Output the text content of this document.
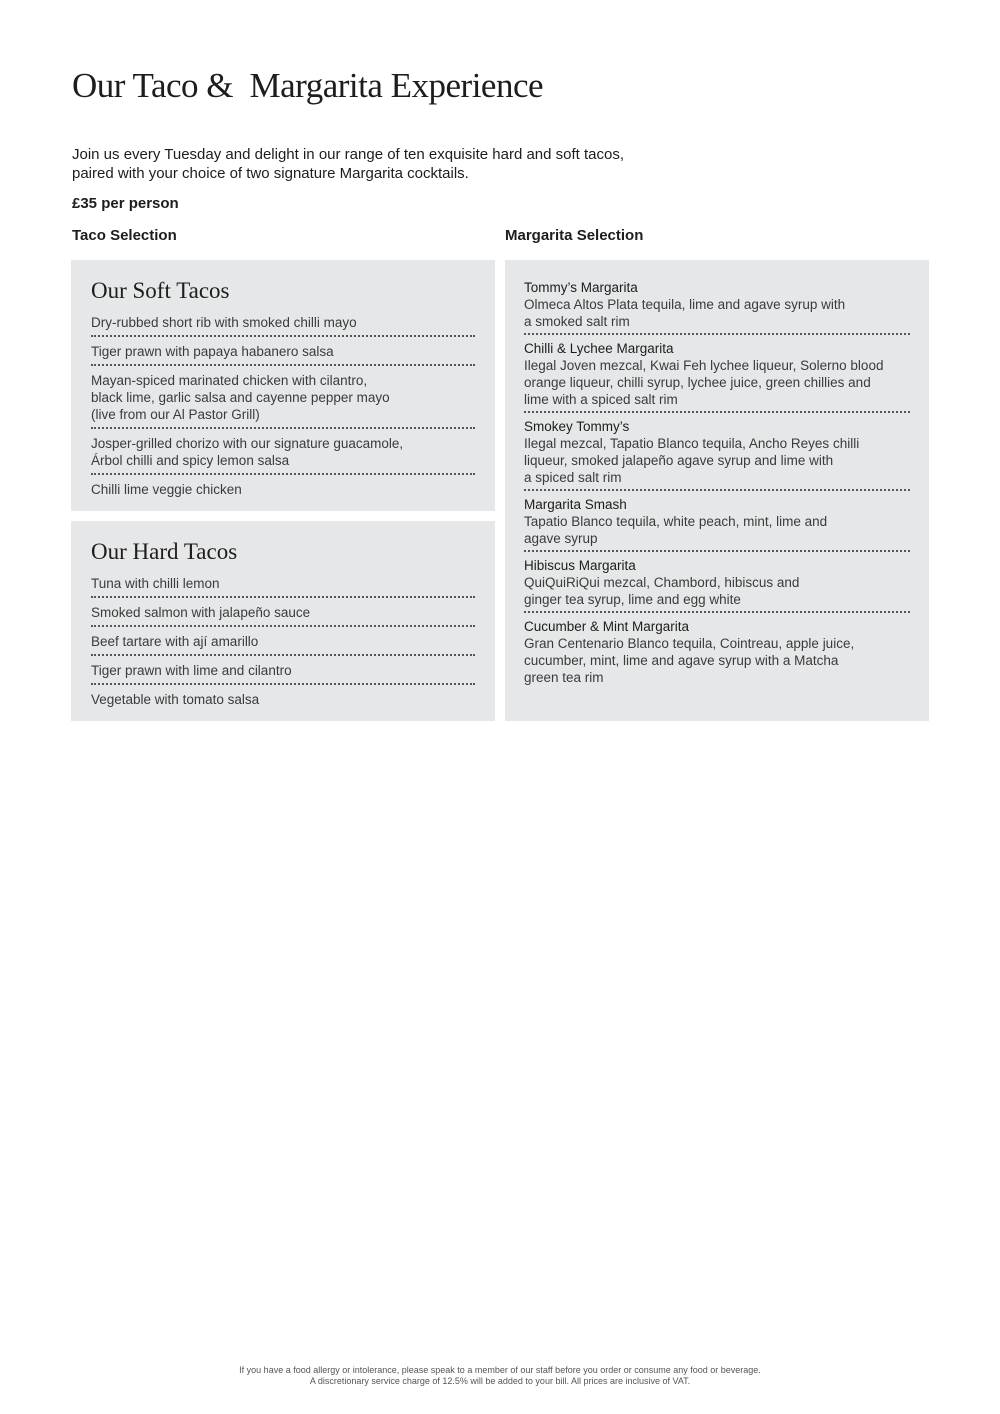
Our Taco &  Margarita Experience

Join us every Tuesday and delight in our range of ten exquisite hard and soft tacos,
paired with your choice of two signature Margarita cocktails.

£35 per person
Taco Selection	Margarita Selection
Our Soft Tacos
Dry-rubbed short rib with smoked chilli mayo
Tiger prawn with papaya habanero salsa
Mayan-spiced marinated chicken with cilantro,
black lime, garlic salsa and cayenne pepper mayo
(live from our Al Pastor Grill)
Josper-grilled chorizo with our signature guacamole,
Árbol chilli and spicy lemon salsa
Chilli lime veggie chicken
Our Hard Tacos
Tuna with chilli lemon
Smoked salmon with jalapeño sauce
Beef tartare with ají amarillo
Tiger prawn with lime and cilantro
Vegetable with tomato salsa
Tommy’s Margarita
Olmeca Altos Plata tequila, lime and agave syrup with
a smoked salt rim
Chilli & Lychee Margarita
Ilegal Joven mezcal, Kwai Feh lychee liqueur, Solerno blood
orange liqueur, chilli syrup, lychee juice, green chillies and
lime with a spiced salt rim
Smokey Tommy’s
Ilegal mezcal, Tapatio Blanco tequila, Ancho Reyes chilli
liqueur, smoked jalapeño agave syrup and lime with
a spiced salt rim
Margarita Smash
Tapatio Blanco tequila, white peach, mint, lime and
agave syrup
Hibiscus Margarita
QuiQuiRiQui mezcal, Chambord, hibiscus and
ginger tea syrup, lime and egg white
Cucumber & Mint Margarita
Gran Centenario Blanco tequila, Cointreau, apple juice,
cucumber, mint, lime and agave syrup with a Matcha
green tea rim
If you have a food allergy or intolerance, please speak to a member of our staff before you order or consume any food or beverage.
A discretionary service charge of 12.5% will be added to your bill. All prices are inclusive of VAT.
